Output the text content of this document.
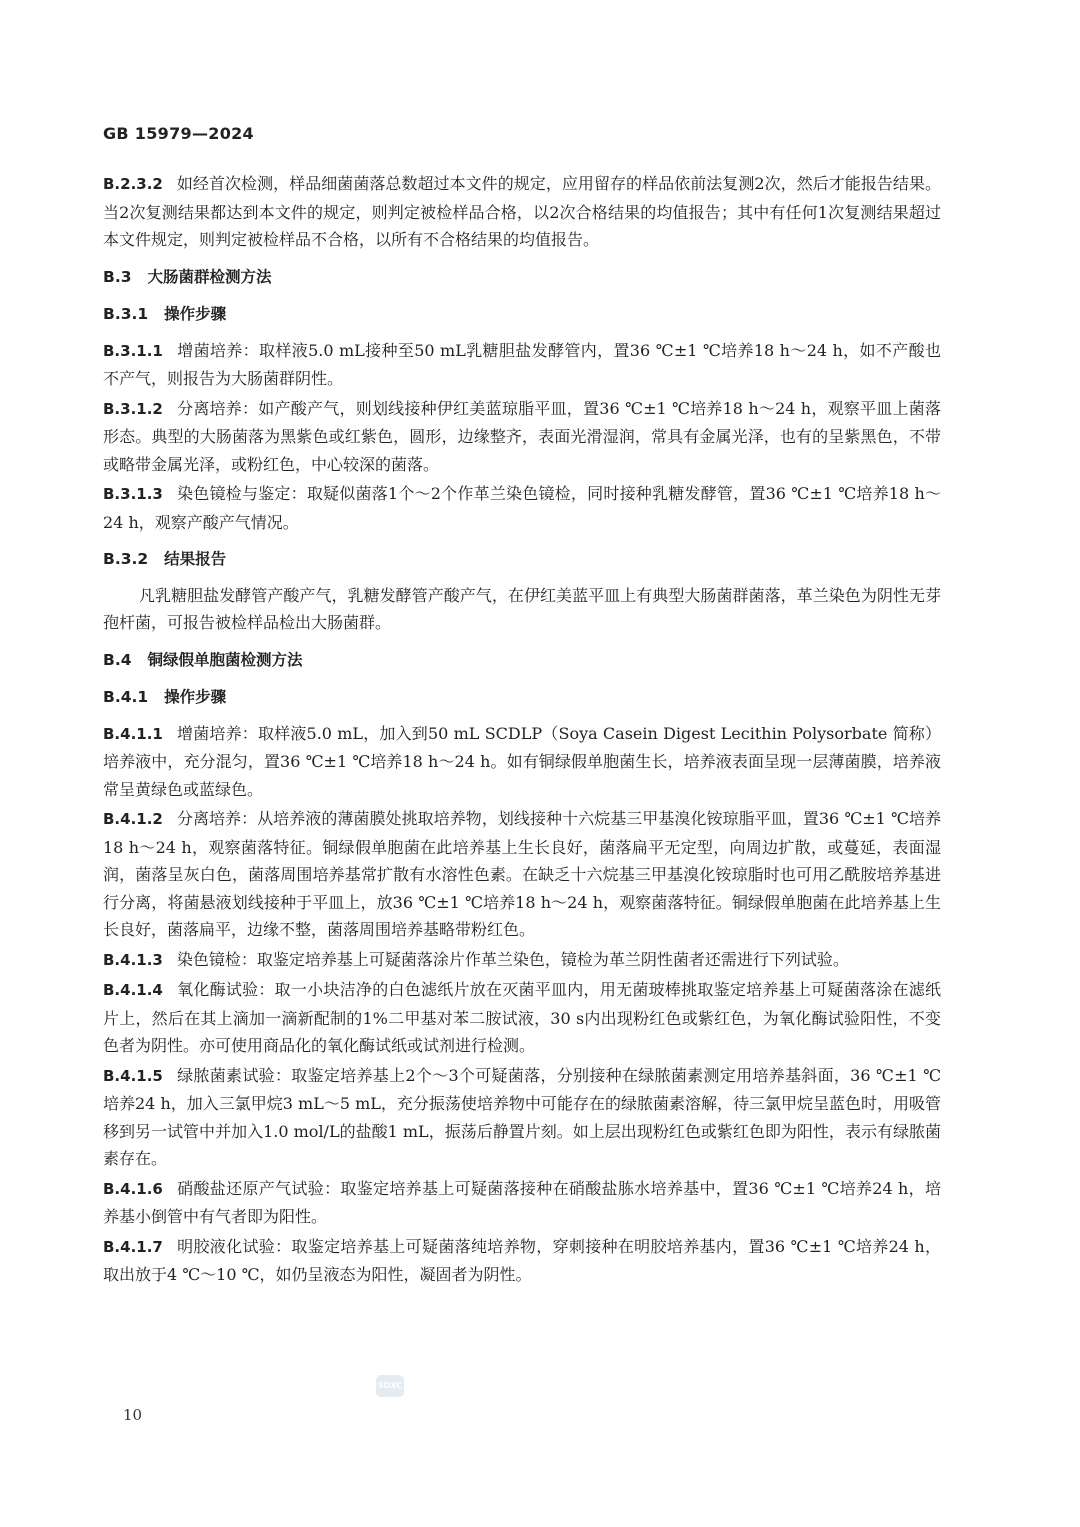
GB 15979—2024

B.2.3.2 如经首次检测，样品细菌菌落总数超过本文件的规定，应用留存的样品依前法复测2次，然后才能报告结果。当2次复测结果都达到本文件的规定，则判定被检样品合格，以2次合格结果的均值报告；其中有任何1次复测结果超过本文件规定，则判定被检样品不合格，以所有不合格结果的均值报告。

B.3 大肠菌群检测方法
B.3.1 操作步骤

B.3.1.1 增菌培养：取样液5.0 mL接种至50 mL乳糖胆盐发酵管内，置36 ℃±1 ℃培养18 h～24 h，如不产酸也不产气，则报告为大肠菌群阴性。

B.3.1.2 分离培养：如产酸产气，则划线接种伊红美蓝琼脂平皿，置36 ℃±1 ℃培养18 h～24 h，观察平皿上菌落形态。典型的大肠菌落为黑紫色或红紫色，圆形，边缘整齐，表面光滑湿润，常具有金属光泽，也有的呈紫黑色，不带或略带金属光泽，或粉红色，中心较深的菌落。

B.3.1.3 染色镜检与鉴定：取疑似菌落1个～2个作革兰染色镜检，同时接种乳糖发酵管，置36 ℃±1 ℃培养18 h～24 h，观察产酸产气情况。

B.3.2 结果报告

凡乳糖胆盐发酵管产酸产气，乳糖发酵管产酸产气，在伊红美蓝平皿上有典型大肠菌群菌落，革兰染色为阴性无芽孢杆菌，可报告被检样品检出大肠菌群。

B.4 铜绿假单胞菌检测方法
B.4.1 操作步骤

B.4.1.1 增菌培养：取样液5.0 mL，加入到50 mL SCDLP（Soya Casein Digest Lecithin Polysorbate 简称）培养液中，充分混匀，置36 ℃±1 ℃培养18 h～24 h。如有铜绿假单胞菌生长，培养液表面呈现一层薄菌膜，培养液常呈黄绿色或蓝绿色。

B.4.1.2 分离培养：从培养液的薄菌膜处挑取培养物，划线接种十六烷基三甲基溴化铵琼脂平皿，置36 ℃±1 ℃培养18 h～24 h，观察菌落特征。铜绿假单胞菌在此培养基上生长良好，菌落扁平无定型，向周边扩散，或蔓延，表面湿润，菌落呈灰白色，菌落周围培养基常扩散有水溶性色素。在缺乏十六烷基三甲基溴化铵琼脂时也可用乙酰胺培养基进行分离，将菌悬液划线接种于平皿上，放36 ℃±1 ℃培养18 h～24 h，观察菌落特征。铜绿假单胞菌在此培养基上生长良好，菌落扁平，边缘不整，菌落周围培养基略带粉红色。

B.4.1.3 染色镜检：取鉴定培养基上可疑菌落涂片作革兰染色，镜检为革兰阴性菌者还需进行下列试验。

B.4.1.4 氧化酶试验：取一小块洁净的白色滤纸片放在灭菌平皿内，用无菌玻棒挑取鉴定培养基上可疑菌落涂在滤纸片上，然后在其上滴加一滴新配制的1%二甲基对苯二胺试液，30 s内出现粉红色或紫红色，为氧化酶试验阳性，不变色者为阴性。亦可使用商品化的氧化酶试纸或试剂进行检测。

B.4.1.5 绿脓菌素试验：取鉴定培养基上2个～3个可疑菌落，分别接种在绿脓菌素测定用培养基斜面，36 ℃±1 ℃培养24 h，加入三氯甲烷3 mL～5 mL，充分振荡使培养物中可能存在的绿脓菌素溶解，待三氯甲烷呈蓝色时，用吸管移到另一试管中并加入1.0 mol/L的盐酸1 mL，振荡后静置片刻。如上层出现粉红色或紫红色即为阳性，表示有绿脓菌素存在。

B.4.1.6 硝酸盐还原产气试验：取鉴定培养基上可疑菌落接种在硝酸盐胨水培养基中，置36 ℃±1 ℃培养24 h，培养基小倒管中有气者即为阳性。

B.4.1.7 明胶液化试验：取鉴定培养基上可疑菌落纯培养物，穿刺接种在明胶培养基内，置36 ℃±1 ℃培养24 h，取出放于4 ℃～10 ℃，如仍呈液态为阳性，凝固者为阴性。

SDXC
10
